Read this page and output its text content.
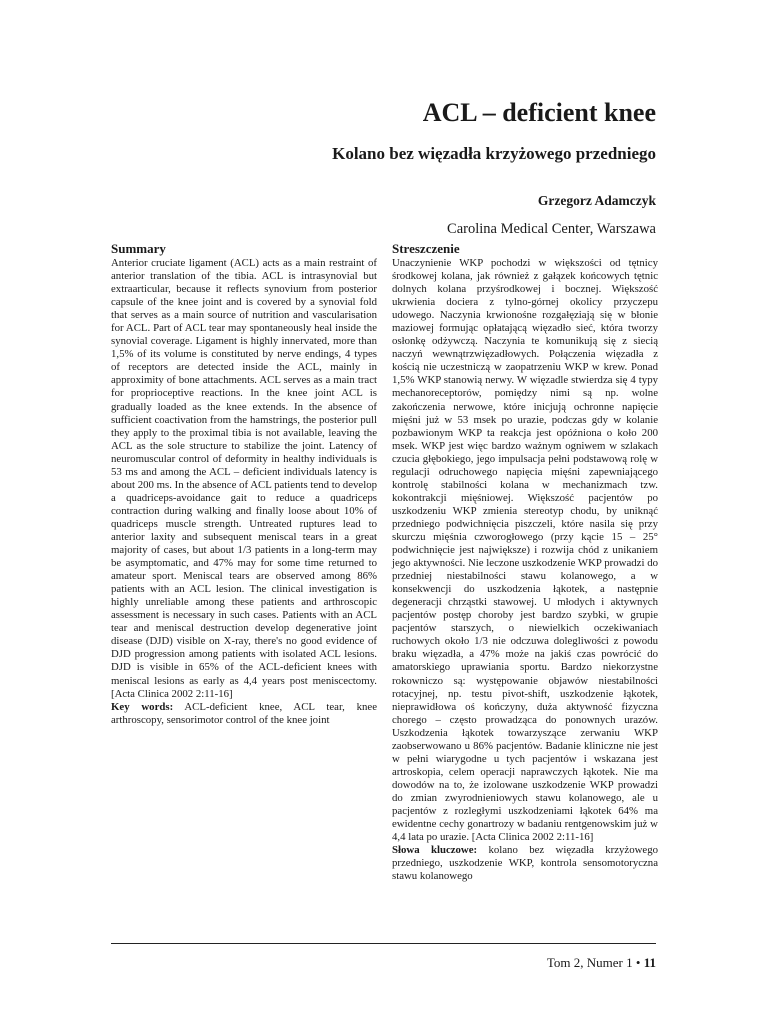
ACL – deficient knee
Kolano bez więzadła krzyżowego przedniego
Grzegorz Adamczyk
Carolina Medical Center, Warszawa
Summary

Anterior cruciate ligament (ACL) acts as a main restraint of anterior translation of the tibia. ACL is intrasynovial but extraarticular, because it reflects synovium from posterior capsule of the knee joint and is covered by a synovial fold that serves as a main source of nutrition and vascularisation for ACL. Part of ACL tear may spontaneously heal inside the synovial coverage. Ligament is highly innervated, more than 1,5% of its volume is constituted by nerve endings, 4 types of receptors are detected inside the ACL, mainly in approximity of bone attachments. ACL serves as a main tract for proprioceptive reactions. In the knee joint ACL is gradually loaded as the knee extends. In the absence of sufficient coactivation from the hamstrings, the posterior pull they apply to the proximal tibia is not available, leaving the ACL as the sole structure to stabilize the joint. Latency of neuromuscular control of deformity in healthy individuals is 53 ms and among the ACL – deficient individuals latency is about 200 ms. In the absence of ACL patients tend to develop a quadriceps-avoidance gait to reduce a quadriceps contraction during walking and finally loose about 10% of quadriceps muscle strength. Untreated ruptures lead to anterior laxity and subsequent meniscal tears in a great majority of cases, but about 1/3 patients in a long-term may be asymptomatic, and 47% may for some time returned to amateur sport. Meniscal tears are observed among 86% patients with an ACL lesion. The clinical investigation is highly unreliable among these patients and arthroscopic assessment is necessary in such cases. Patients with an ACL tear and meniscal destruction develop degenerative joint disease (DJD) visible on X-ray, there's no good evidence of DJD progression among patients with isolated ACL lesions. DJD is visible in 65% of the ACL-deficient knees with meniscal lesions as early as 4,4 years post meniscectomy. [Acta Clinica 2002 2:11-16]

Key words: ACL-deficient knee, ACL tear, knee arthroscopy, sensorimotor control of the knee joint
Streszczenie

Unaczynienie WKP pochodzi w większości od tętnicy środkowej kolana, jak również z gałązek końcowych tętnic dolnych kolana przyśrodkowej i bocznej. Większość ukrwienia dociera z tylno-górnej okolicy przyczepu udowego. Naczynia krwionośne rozgałęziają się w błonie maziowej formując opłatającą więzadło sieć, która tworzy osłonkę odżywczą. Naczynia te komunikują się z siecią naczyń wewnątrzwięzadłowych. Połączenia więzadła z kością nie uczestniczą w zaopatrzeniu WKP w krew. Ponad 1,5% WKP stanowią nerwy. W więzadle stwierdza się 4 typy mechanoreceptorów, pomiędzy nimi są np. wolne zakończenia nerwowe, które inicjują ochronne napięcie mięśni już w 53 msek po urazie, podczas gdy w kolanie pozbawionym WKP ta reakcja jest opóźniona o koło 200 msek. WKP jest więc bardzo ważnym ogniwem w szlakach czucia głębokiego, jego impulsacja pełni podstawową rolę w regulacji odruchowego napięcia mięśni zapewniającego kontrolę stabilności kolana w mechanizmach tzw. kokontrakcji mięśniowej. Większość pacjentów po uszkodzeniu WKP zmienia stereotyp chodu, by uniknąć przedniego podwichnięcia piszczeli, które nasila się przy skurczu mięśnia czworogłowego (przy kącie 15 – 25° podwichnięcie jest największe) i rozwija chód z unikaniem jego aktywności. Nie leczone uszkodzenie WKP prowadzi do przedniej niestabilności stawu kolanowego, a w konsekwencji do uszkodzenia łąkotek, a następnie degeneracji chrząstki stawowej. U młodych i aktywnych pacjentów postęp choroby jest bardzo szybki, w grupie pacjentów starszych, o niewielkich oczekiwaniach ruchowych około 1/3 nie odczuwa dolegliwości z powodu braku więzadła, a 47% może na jakiś czas powrócić do amatorskiego uprawiania sportu. Bardzo niekorzystne rokowniczo są: występowanie objawów niestabilności rotacyjnej, np. testu pivot-shift, uszkodzenie łąkotek, nieprawidłowa oś kończyny, duża aktywność fizyczna chorego – często prowadząca do ponownych urazów. Uszkodzenia łąkotek towarzyszące zerwaniu WKP zaobserwowano u 86% pacjentów. Badanie kliniczne nie jest w pełni wiarygodne u tych pacjentów i wskazana jest artroskopia, celem operacji naprawczych łąkotek. Nie ma dowodów na to, że izolowane uszkodzenie WKP prowadzi do zmian zwyrodnieniowych stawu kolanowego, ale u pacjentów z rozległymi uszkodzeniami łąkotek 64% ma ewidentne cechy gonartrozy w badaniu rentgenowskim już w 4,4 lata po urazie. [Acta Clinica 2002 2:11-16]

Słowa kluczowe: kolano bez więzadła krzyżowego przedniego, uszkodzenie WKP, kontrola sensomotoryczna stawu kolanowego
Tom 2, Numer 1 • 11
